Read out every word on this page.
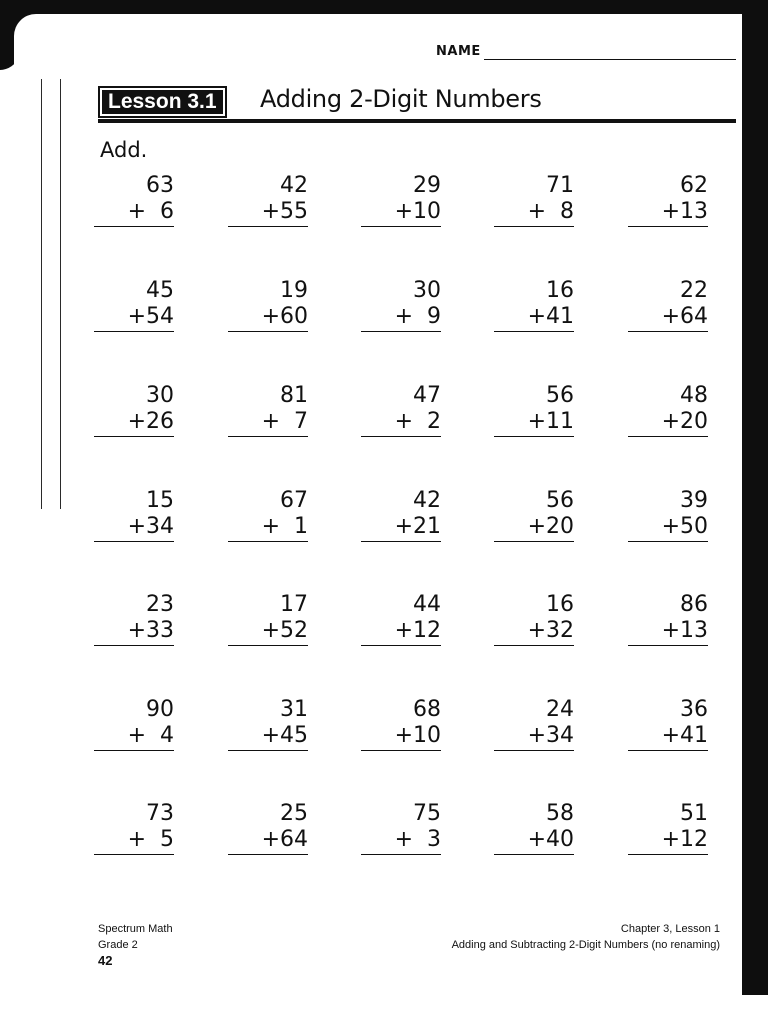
NAME
Lesson 3.1	Adding 2-Digit Numbers
Add.
63
+  6
42
+55
29
+10
71
+  8
62
+13
45
+54
19
+60
30
+  9
16
+41
22
+64
30
+26
81
+  7
47
+  2
56
+11
48
+20
15
+34
67
+  1
42
+21
56
+20
39
+50
23
+33
17
+52
44
+12
16
+32
86
+13
90
+  4
31
+45
68
+10
24
+34
36
+41
73
+  5
25
+64
75
+  3
58
+40
51
+12
Spectrum Math
Grade 2
42
Chapter 3, Lesson 1
Adding and Subtracting 2-Digit Numbers (no renaming)
